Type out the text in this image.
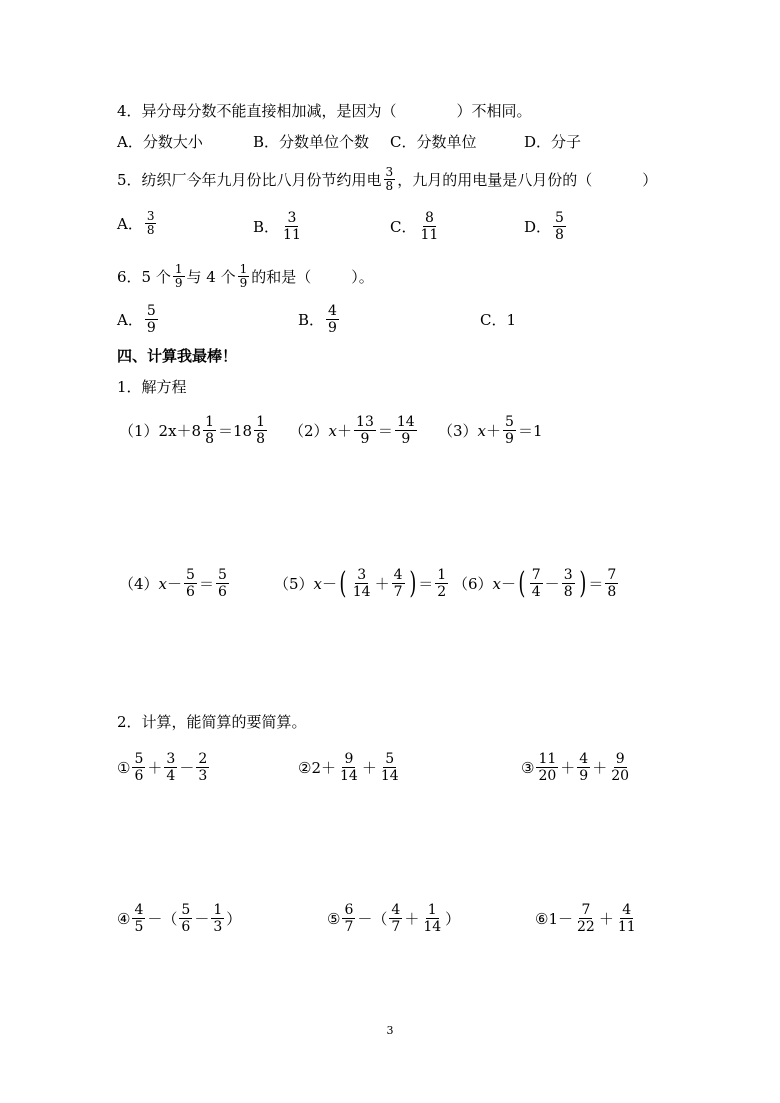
4．异分母分数不能直接相加减，是因为（	）不相同。
A．分数大小	B．分数单位个数 C．分数单位	D．分子
5．纺织厂今年九月份比八月份节约用电 $\frac{3}{8}$ ，九月的用电量是八月份的（	）
A． $\frac{3}{8}$	B． $\frac{3}{11}$	C． $\frac{8}{11}$	D． $\frac{5}{8}$
6．5 个 $\frac{1}{9}$ 与 4 个 $\frac{1}{9}$ 的和是（	）。
A． $\frac{5}{9}$	B． $\frac{4}{9}$	C． 1
四、计算我最棒！
1．解方程
（1） $2x+8 \frac{1}{8} =18 \frac{1}{8} (2) x + \frac{13}{9} = \frac{14}{9} (3) x + \frac{5}{9} =1$
（4） $x - \frac{5}{6} = \frac{5}{6}$	（5） x － ( $\frac{3}{14} + \frac{4}{7}$ ) ＝ $\frac{1}{2} (6) x$ － ( $\frac{7}{4} - \frac{3}{8}$ ) ＝ $\frac{7}{8}$
2．计算，能简算的要简算。
① $\frac{5}{6} + \frac{3}{4} - \frac{2}{3}$	②2＋ $\frac{9}{14} + \frac{5}{14}$	③ $\frac{11}{20} + \frac{4}{9} + \frac{9}{20}$
④ $\frac{4}{5}$ －（ $\frac{5}{6} - \frac{1}{3}$ ）	⑤ $\frac{6}{7}$ －（ $\frac{4}{7} + \frac{1}{14}$ ）	⑥1－ $\frac{7}{22} + \frac{4}{11}$
3
